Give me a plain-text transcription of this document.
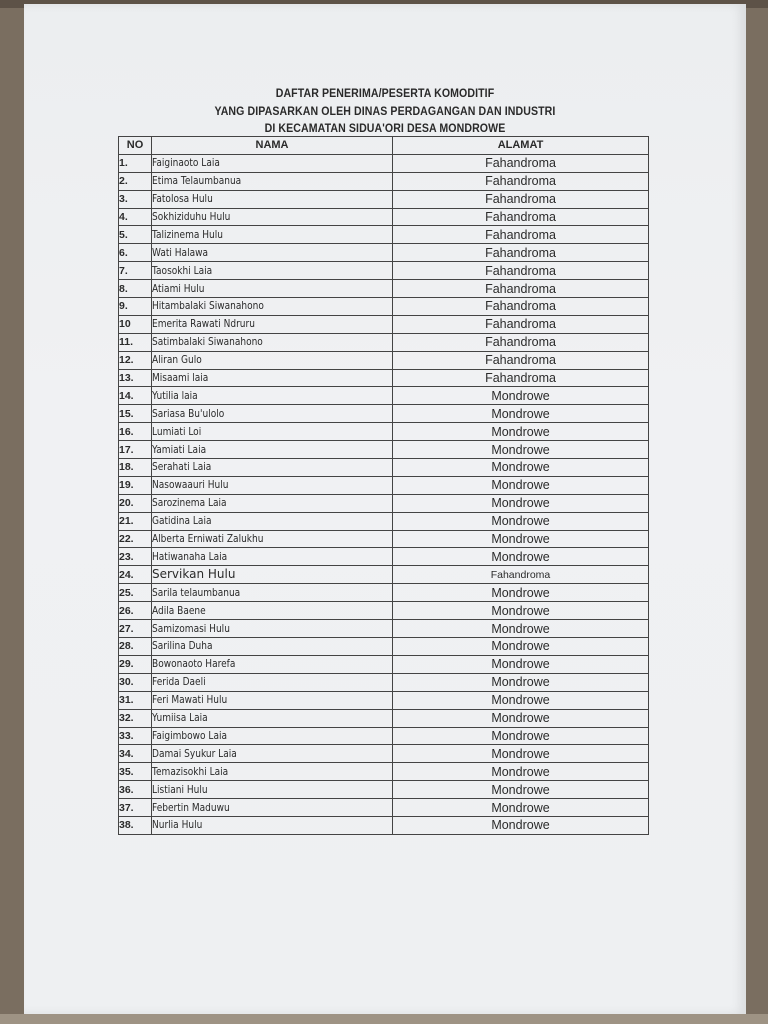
DAFTAR PENERIMA/PESERTA KOMODITIF
YANG DIPASARKAN OLEH DINAS PERDAGANGAN DAN INDUSTRI
DI KECAMATAN SIDUA'ORI DESA MONDROWE
NO	NAMA	ALAMAT
1.	Faiginaoto Laia	Fahandroma
2.	Etima Telaumbanua	Fahandroma
3.	Fatolosa Hulu	Fahandroma
4.	Sokhiziduhu Hulu	Fahandroma
5.	Talizinema Hulu	Fahandroma
6.	Wati Halawa	Fahandroma
7.	Taosokhi Laia	Fahandroma
8.	Atiami Hulu	Fahandroma
9.	Hitambalaki Siwanahono	Fahandroma
10	Emerita Rawati Ndruru	Fahandroma
11.	Satimbalaki Siwanahono	Fahandroma
12.	Aliran Gulo	Fahandroma
13.	Misaami laia	Fahandroma
14.	Yutilia laia	Mondrowe
15.	Sariasa Bu'ulolo	Mondrowe
16.	Lumiati Loi	Mondrowe
17.	Yamiati Laia	Mondrowe
18.	Serahati Laia	Mondrowe
19.	Nasowaauri Hulu	Mondrowe
20.	Sarozinema Laia	Mondrowe
21.	Gatidina Laia	Mondrowe
22.	Alberta Erniwati Zalukhu	Mondrowe
23.	Hatiwanaha Laia	Mondrowe
24.	Servikan Hulu	Fahandroma
25.	Sarila telaumbanua	Mondrowe
26.	Adila Baene	Mondrowe
27.	Samizomasi Hulu	Mondrowe
28.	Sarilina Duha	Mondrowe
29.	Bowonaoto Harefa	Mondrowe
30.	Ferida Daeli	Mondrowe
31.	Feri Mawati Hulu	Mondrowe
32.	Yumiisa Laia	Mondrowe
33.	Faigimbowo Laia	Mondrowe
34.	Damai Syukur Laia	Mondrowe
35.	Temazisokhi Laia	Mondrowe
36.	Listiani Hulu	Mondrowe
37.	Febertin Maduwu	Mondrowe
38.	Nurlia Hulu	Mondrowe
